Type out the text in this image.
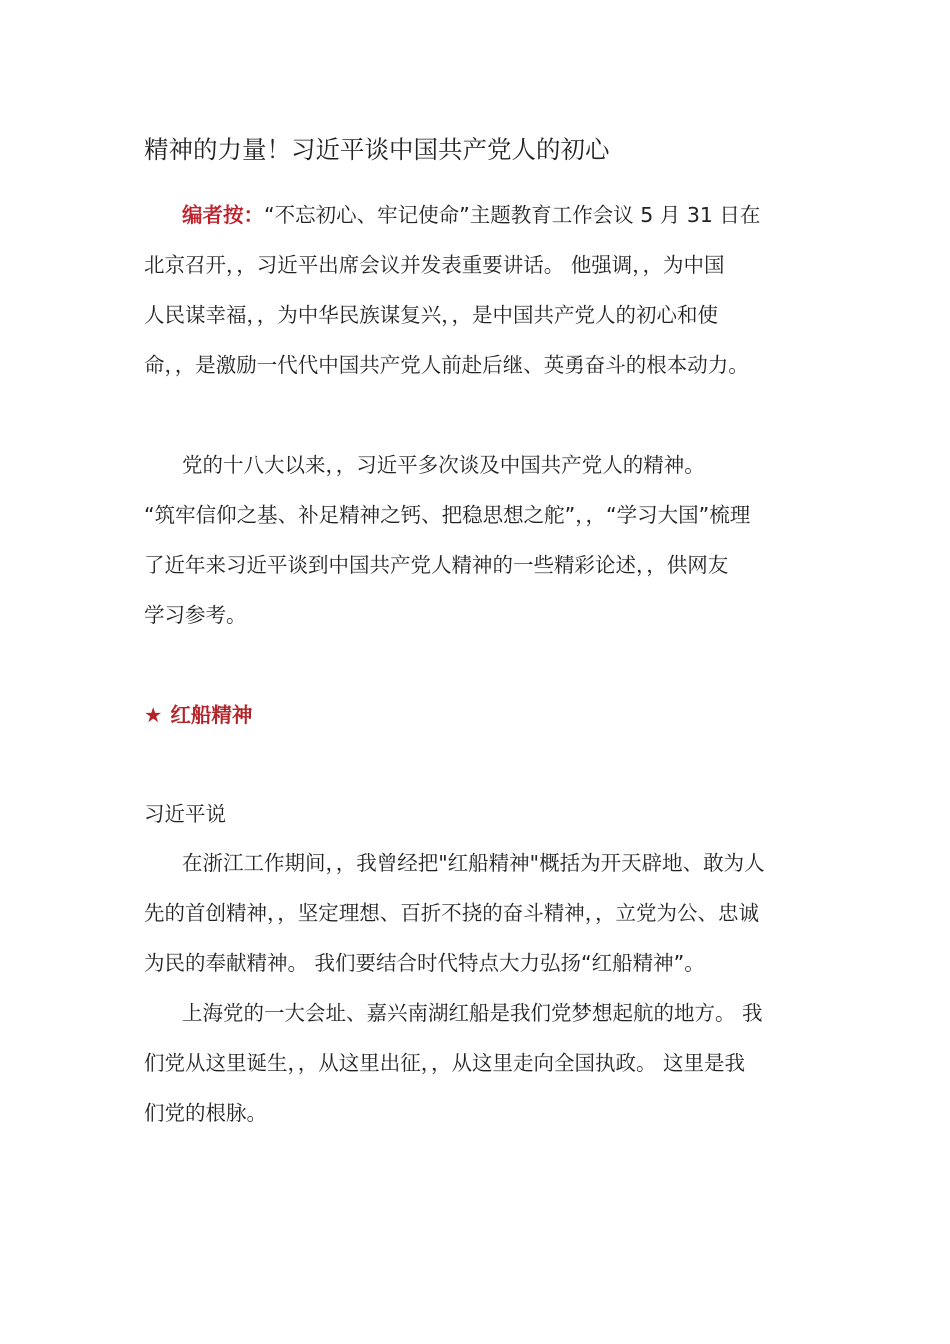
精神的力量！习近平谈中国共产党人的初心
编者按：“不忘初心、牢记使命”主题教育工作会议 5 月 31 日在
北京召开，，习近平出席会议并发表重要讲话。 他强调，，为中国
人民谋幸福，，为中华民族谋复兴，，是中国共产党人的初心和使
命，，是激励一代代中国共产党人前赴后继、英勇奋斗的根本动力。
党的十八大以来，，习近平多次谈及中国共产党人的精神。
“筑牢信仰之基、补足精神之钙、把稳思想之舵”，，“学习大国”梳理
了近年来习近平谈到中国共产党人精神的一些精彩论述，，供网友
学习参考。
★ 红船精神
习近平说
在浙江工作期间，，我曾经把"红船精神"概括为开天辟地、敢为人
先的首创精神，，坚定理想、百折不挠的奋斗精神，，立党为公、忠诚
为民的奉献精神。 我们要结合时代特点大力弘扬“红船精神”。
上海党的一大会址、嘉兴南湖红船是我们党梦想起航的地方。 我
们党从这里诞生，，从这里出征，，从这里走向全国执政。 这里是我
们党的根脉。
